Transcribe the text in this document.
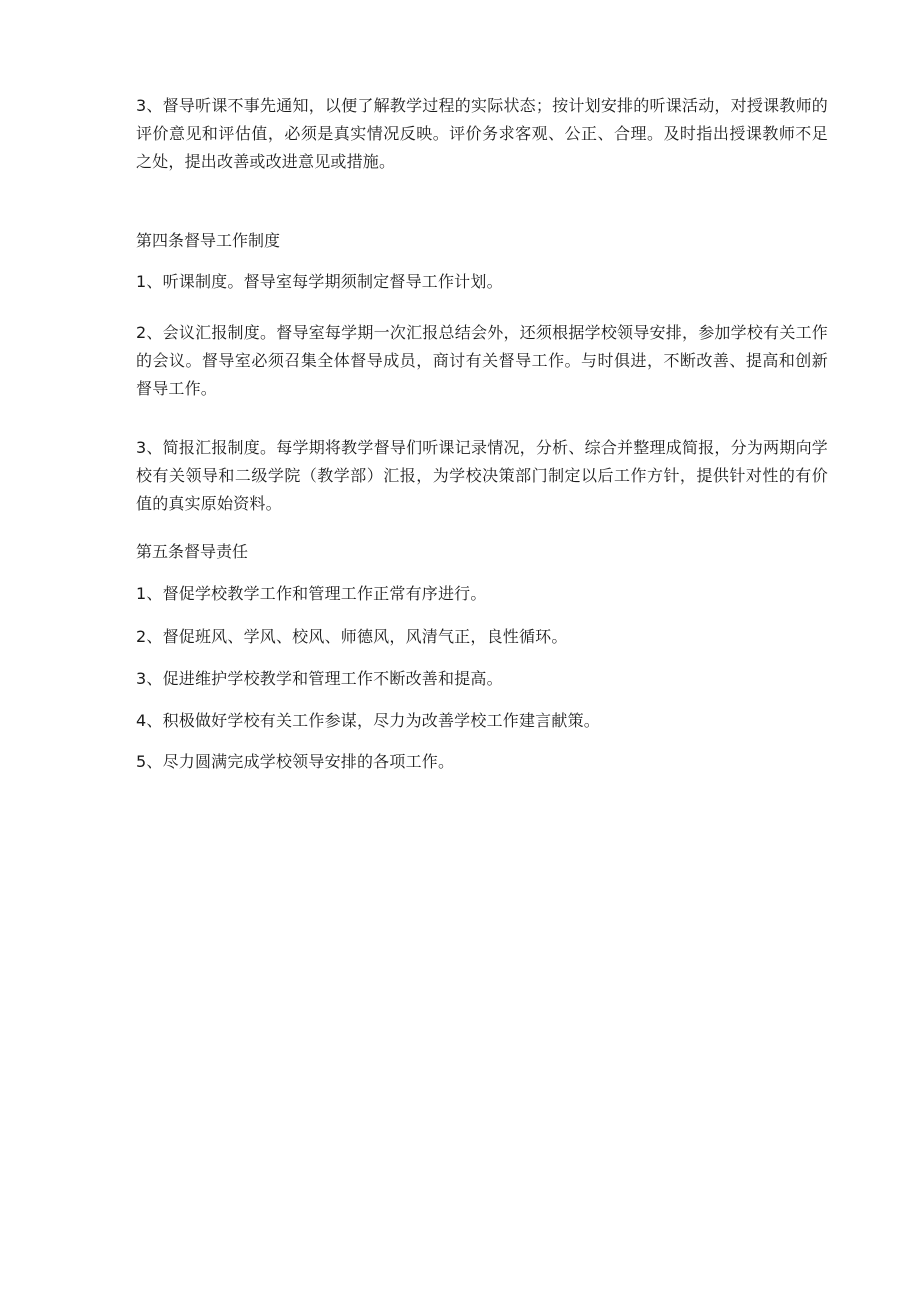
3、督导听课不事先通知，以便了解教学过程的实际状态；按计划安排的听课活动，对授课教师的评价意见和评估值，必须是真实情况反映。评价务求客观、公正、合理。及时指出授课教师不足之处，提出改善或改进意见或措施。

第四条督导工作制度

1、听课制度。督导室每学期须制定督导工作计划。

2、会议汇报制度。督导室每学期一次汇报总结会外，还须根据学校领导安排，参加学校有关工作的会议。督导室必须召集全体督导成员，商讨有关督导工作。与时俱进，不断改善、提高和创新督导工作。

3、简报汇报制度。每学期将教学督导们听课记录情况，分析、综合并整理成简报，分为两期向学校有关领导和二级学院（教学部）汇报，为学校决策部门制定以后工作方针，提供针对性的有价值的真实原始资料。

第五条督导责任

1、督促学校教学工作和管理工作正常有序进行。

2、督促班风、学风、校风、师德风，风清气正，良性循环。

3、促进维护学校教学和管理工作不断改善和提高。

4、积极做好学校有关工作参谋，尽力为改善学校工作建言献策。

5、尽力圆满完成学校领导安排的各项工作。
